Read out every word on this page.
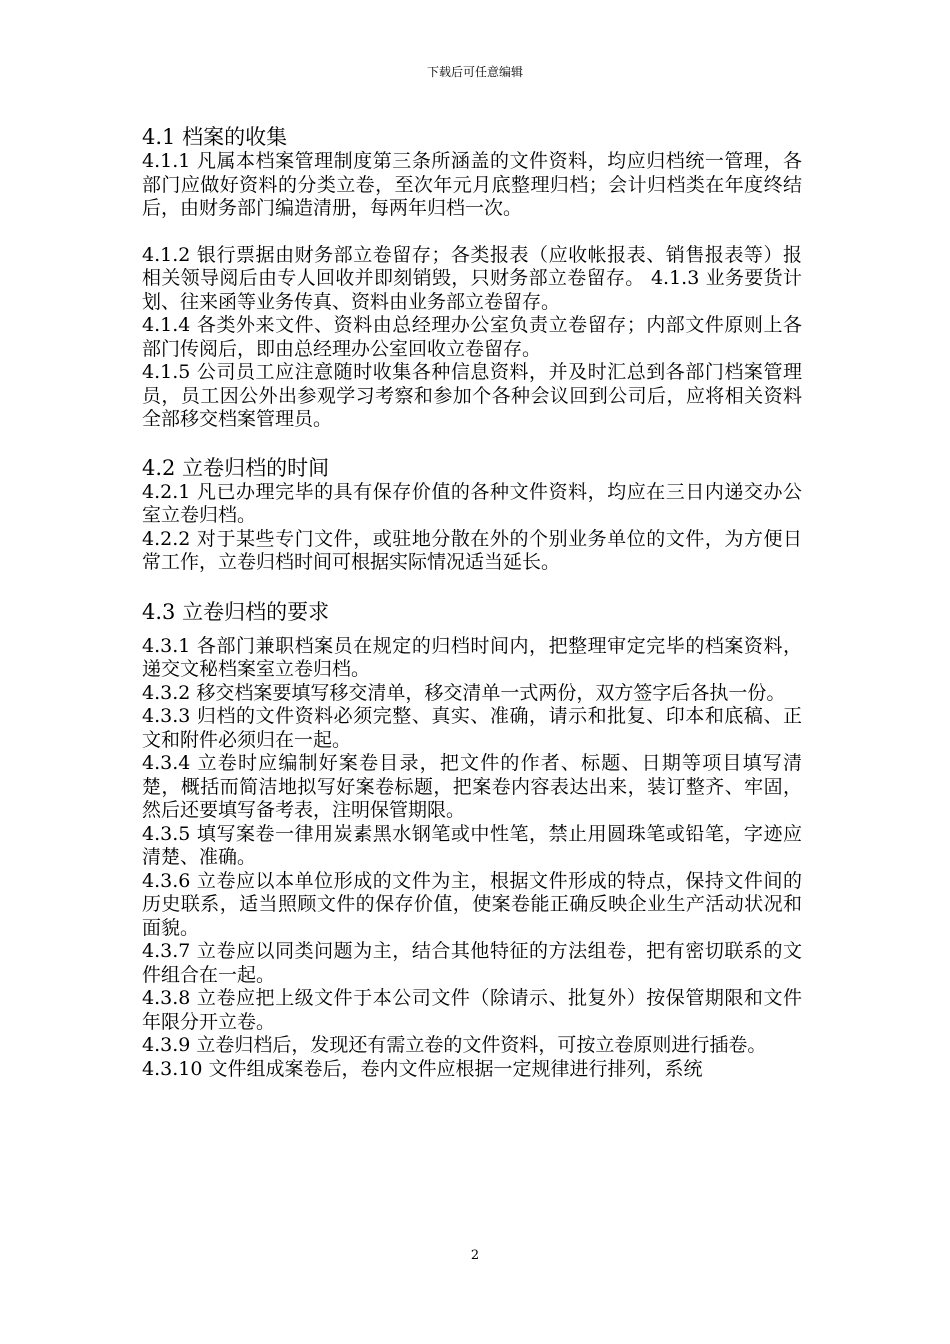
下载后可任意编辑
4.1 档案的收集

4.1.1 凡属本档案管理制度第三条所涵盖的文件资料，均应归档统一管理，各部门应做好资料的分类立卷，至次年元月底整理归档；会计归档类在年度终结后，由财务部门编造清册，每两年归档一次。

4.1.2 银行票据由财务部立卷留存；各类报表（应收帐报表、销售报表等）报相关领导阅后由专人回收并即刻销毁，只财务部立卷留存。 4.1.3 业务要货计划、往来函等业务传真、资料由业务部立卷留存。

4.1.4 各类外来文件、资料由总经理办公室负责立卷留存；内部文件原则上各部门传阅后，即由总经理办公室回收立卷留存。

4.1.5 公司员工应注意随时收集各种信息资料，并及时汇总到各部门档案管理员，员工因公外出参观学习考察和参加个各种会议回到公司后，应将相关资料全部移交档案管理员。

4.2 立卷归档的时间

4.2.1 凡已办理完毕的具有保存价值的各种文件资料，均应在三日内递交办公室立卷归档。

4.2.2 对于某些专门文件，或驻地分散在外的个别业务单位的文件，为方便日常工作，立卷归档时间可根据实际情况适当延长。

4.3 立卷归档的要求

4.3.1 各部门兼职档案员在规定的归档时间内，把整理审定完毕的档案资料，递交文秘档案室立卷归档。

4.3.2 移交档案要填写移交清单，移交清单一式两份，双方签字后各执一份。

4.3.3 归档的文件资料必须完整、真实、准确，请示和批复、印本和底稿、正文和附件必须归在一起。

4.3.4 立卷时应编制好案卷目录，把文件的作者、标题、日期等项目填写清楚，概括而简洁地拟写好案卷标题，把案卷内容表达出来，装订整齐、牢固，然后还要填写备考表，注明保管期限。

4.3.5 填写案卷一律用炭素黑水钢笔或中性笔，禁止用圆珠笔或铅笔，字迹应清楚、准确。

4.3.6 立卷应以本单位形成的文件为主，根据文件形成的特点，保持文件间的历史联系，适当照顾文件的保存价值，使案卷能正确反映企业生产活动状况和面貌。

4.3.7 立卷应以同类问题为主，结合其他特征的方法组卷，把有密切联系的文件组合在一起。

4.3.8 立卷应把上级文件于本公司文件（除请示、批复外）按保管期限和文件年限分开立卷。

4.3.9 立卷归档后，发现还有需立卷的文件资料，可按立卷原则进行插卷。

4.3.10 文件组成案卷后，卷内文件应根据一定规律进行排列，系统

2
